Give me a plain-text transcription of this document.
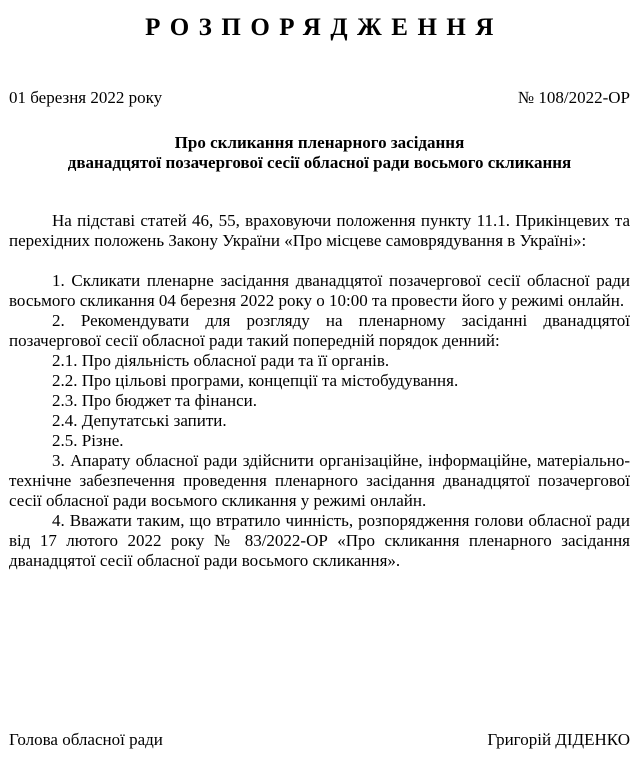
РОЗПОРЯДЖЕННЯ
01 березня 2022 року	№ 108/2022-ОР
Про скликання пленарного засідання
дванадцятої позачергової сесії обласної ради восьмого скликання

На підставі статей 46, 55, враховуючи положення пункту 11.1. Прикінцевих та перехідних положень Закону України «Про місцеве самоврядування в Україні»:

1. Скликати пленарне засідання дванадцятої позачергової сесії обласної ради восьмого скликання 04 березня 2022 року о 10:00 та провести його у режимі онлайн.

2. Рекомендувати для розгляду на пленарному засіданні дванадцятої позачергової сесії обласної ради такий попередній порядок денний:

2.1. Про діяльність обласної ради та її органів.

2.2. Про цільові програми, концепції та містобудування.

2.3. Про бюджет та фінанси.

2.4. Депутатські запити.

2.5. Різне.

3. Апарату обласної ради здійснити організаційне, інформаційне, матеріально-технічне забезпечення проведення пленарного засідання дванадцятої позачергової сесії обласної ради восьмого скликання у режимі онлайн.

4. Вважати таким, що втратило чинність, розпорядження голови обласної ради від 17 лютого 2022 року № 83/2022-ОР «Про скликання пленарного засідання дванадцятої сесії обласної ради восьмого скликання».

Голова обласної ради	Григорій ДІДЕНКО
